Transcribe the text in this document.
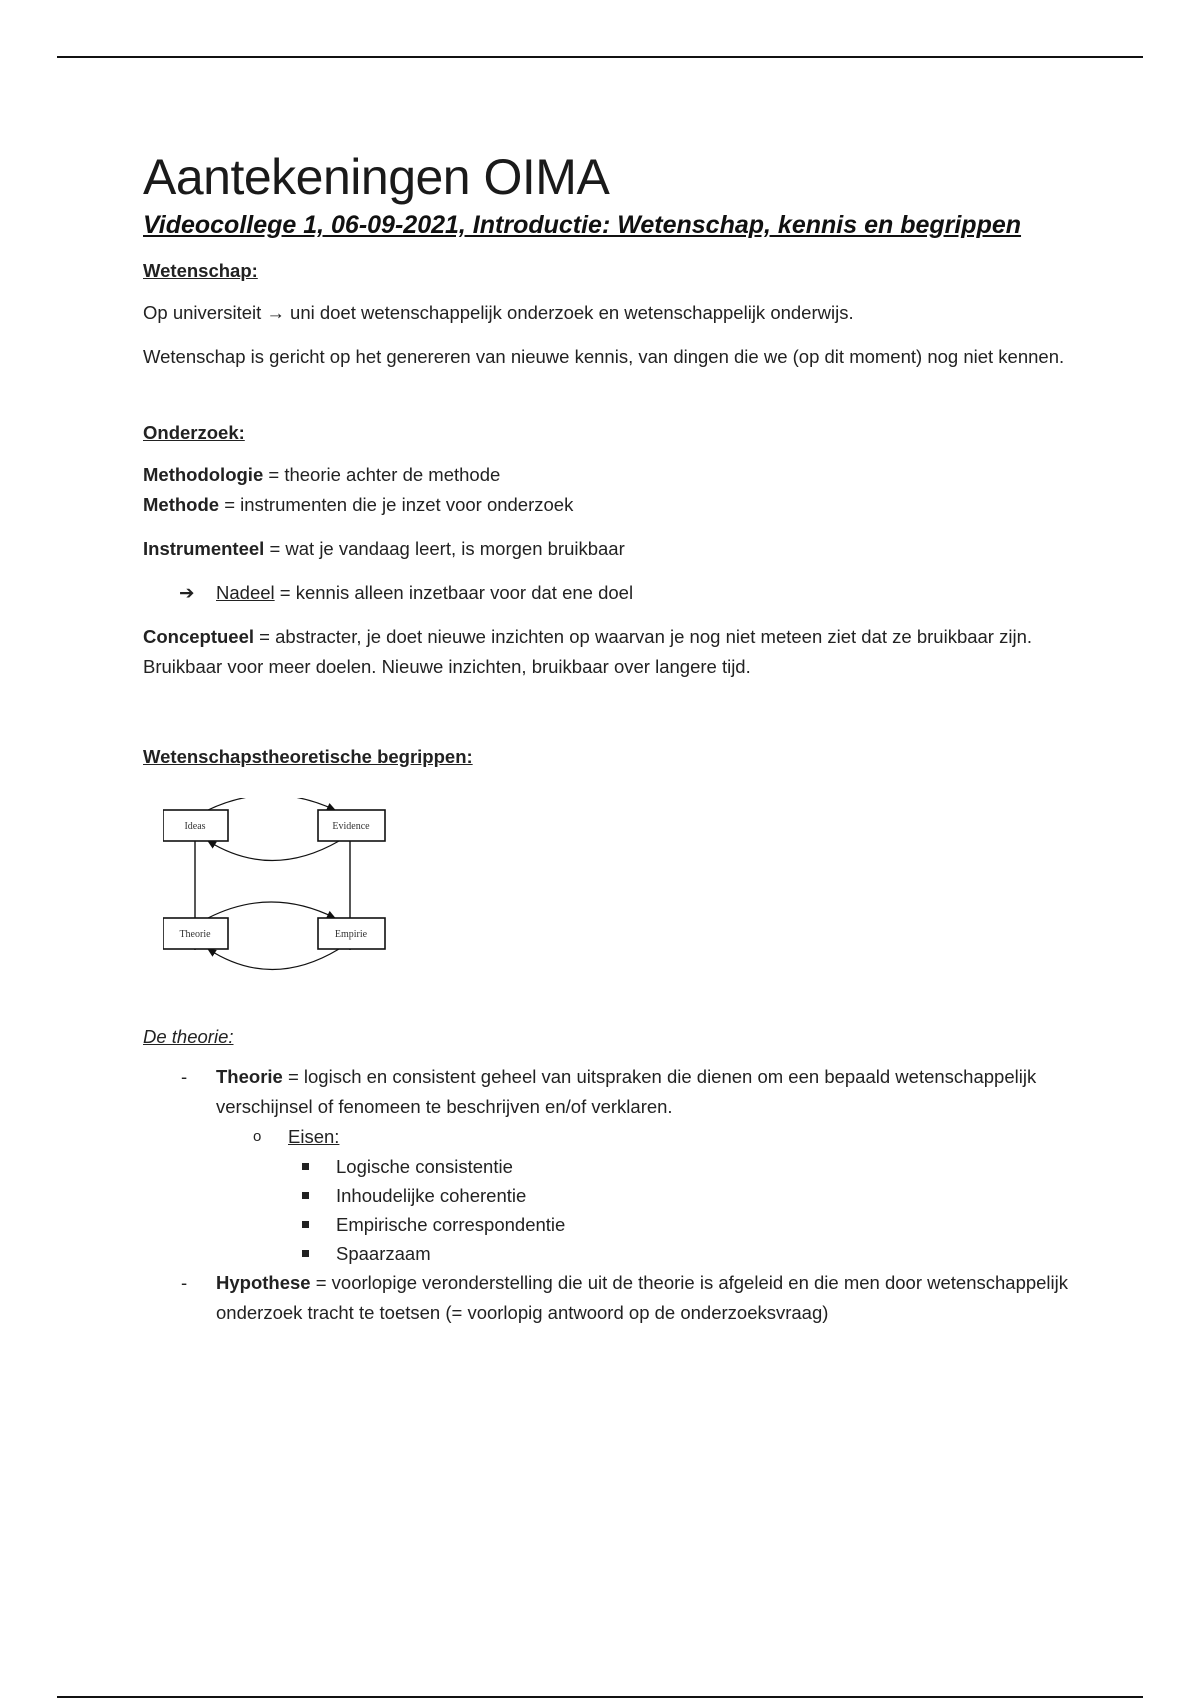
Aantekeningen OIMA
Videocollege 1, 06-09-2021, Introductie: Wetenschap, kennis en begrippen
Wetenschap:

Op universiteit → uni doet wetenschappelijk onderzoek en wetenschappelijk onderwijs.

Wetenschap is gericht op het genereren van nieuwe kennis, van dingen die we (op dit moment) nog niet kennen.

Onderzoek:

Methodologie = theorie achter de methode

Methode = instrumenten die je inzet voor onderzoek

Instrumenteel = wat je vandaag leert, is morgen bruikbaar

➔ Nadeel = kennis alleen inzetbaar voor dat ene doel

Conceptueel = abstracter, je doet nieuwe inzichten op waarvan je nog niet meteen ziet dat ze bruikbaar zijn. Bruikbaar voor meer doelen. Nieuwe inzichten, bruikbaar over langere tijd.

Wetenschapstheoretische begrippen:
Ideas	Evidence
Theorie	Empirie
De theorie:
- Theorie = logisch en consistent geheel van uitspraken die dienen om een bepaald wetenschappelijk verschijnsel of fenomeen te beschrijven en/of verklaren.
o Eisen:
Logische consistentie
Inhoudelijke coherentie
Empirische correspondentie
Spaarzaam
- Hypothese = voorlopige veronderstelling die uit de theorie is afgeleid en die men door wetenschappelijk onderzoek tracht te toetsen (= voorlopig antwoord op de onderzoeksvraag)
